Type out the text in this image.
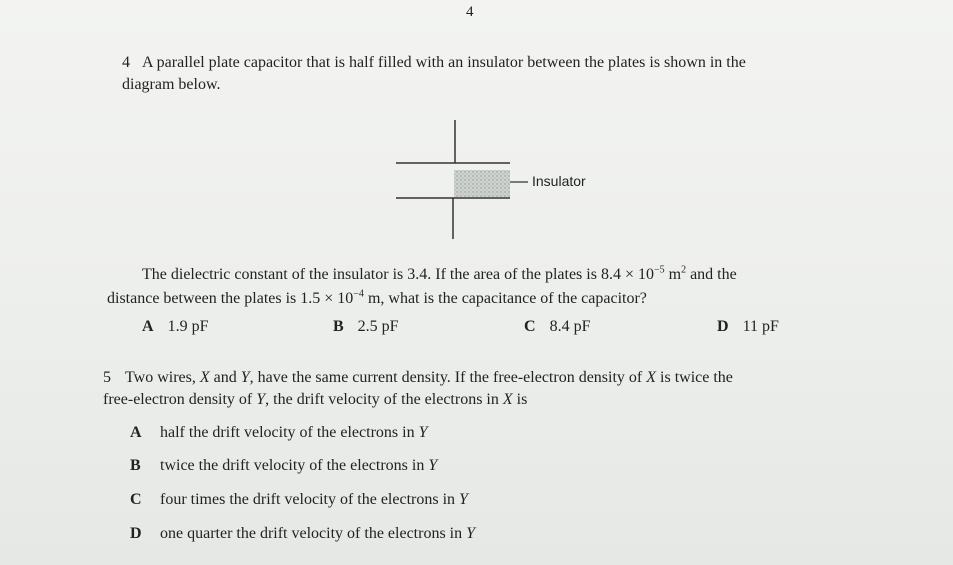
4
4 A parallel plate capacitor that is half filled with an insulator between the plates is shown in the
diagram below.
Insulator
The dielectric constant of the insulator is 3.4. If the area of the plates is $8.4 \times 10^{-5}$ $m^2$ and the
distance between the plates is $1.5 \times 10^{-4}$ m, what is the capacitance of the capacitor?
A 1.9 pF	B 2.5 pF	C 8.4 pF	D 11 pF
5 Two wires, X and Y, have the same current density. If the free-electron density of X is twice the
free-electron density of Y, the drift velocity of the electrons in X is
A half the drift velocity of the electrons in Y
B twice the drift velocity of the electrons in Y
C four times the drift velocity of the electrons in Y
D one quarter the drift velocity of the electrons in Y
